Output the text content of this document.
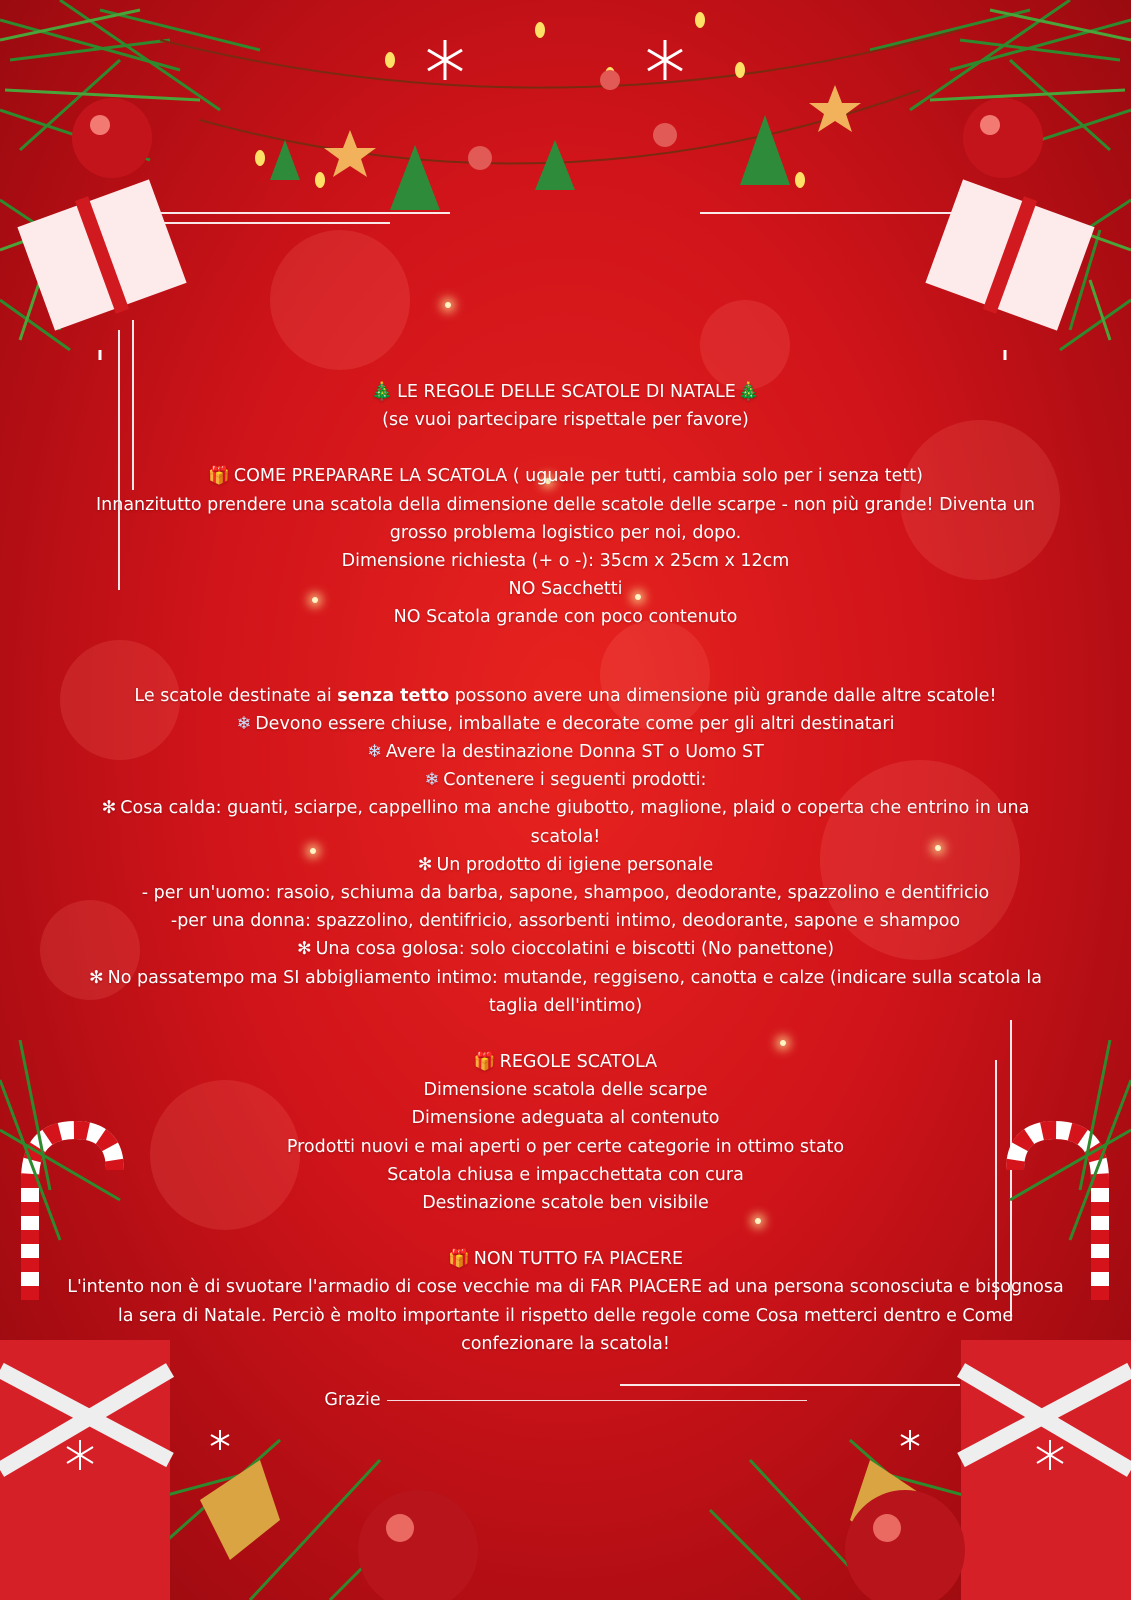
🎄 LE REGOLE DELLE SCATOLE DI NATALE 🎄
(se vuoi partecipare rispettale per favore)
🎁 COME PREPARARE LA SCATOLA ( uguale per tutti, cambia solo per i senza tett)
Innanzitutto prendere una scatola della dimensione delle scatole delle scarpe - non più grande! Diventa un
grosso problema logistico per noi, dopo.
Dimensione richiesta (+ o -): 35cm x 25cm x 12cm
NO Sacchetti
NO Scatola grande con poco contenuto
Le scatole destinate ai senza tetto possono avere una dimensione più grande dalle altre scatole!
❄ Devono essere chiuse, imballate e decorate come per gli altri destinatari
❄ Avere la destinazione Donna ST o Uomo ST
❄ Contenere i seguenti prodotti:
✻ Cosa calda: guanti, sciarpe, cappellino ma anche giubotto, maglione, plaid o coperta che entrino in una
scatola!
✻ Un prodotto di igiene personale
- per un'uomo: rasoio, schiuma da barba, sapone, shampoo, deodorante, spazzolino e dentifricio
-per una donna: spazzolino, dentifricio, assorbenti intimo, deodorante, sapone e shampoo
✻ Una cosa golosa: solo cioccolatini e biscotti (No panettone)
✻ No passatempo ma SI abbigliamento intimo: mutande, reggiseno, canotta e calze (indicare sulla scatola la
taglia dell'intimo)
🎁 REGOLE SCATOLA
Dimensione scatola delle scarpe
Dimensione adeguata al contenuto
Prodotti nuovi e mai aperti o per certe categorie in ottimo stato
Scatola chiusa e impacchettata con cura
Destinazione scatole ben visibile
🎁 NON TUTTO FA PIACERE
L'intento non è di svuotare l'armadio di cose vecchie ma di FAR PIACERE ad una persona sconosciuta e bisognosa
la sera di Natale. Perciò è molto importante il rispetto delle regole come Cosa metterci dentro e Come
confezionare la scatola!
Grazie
